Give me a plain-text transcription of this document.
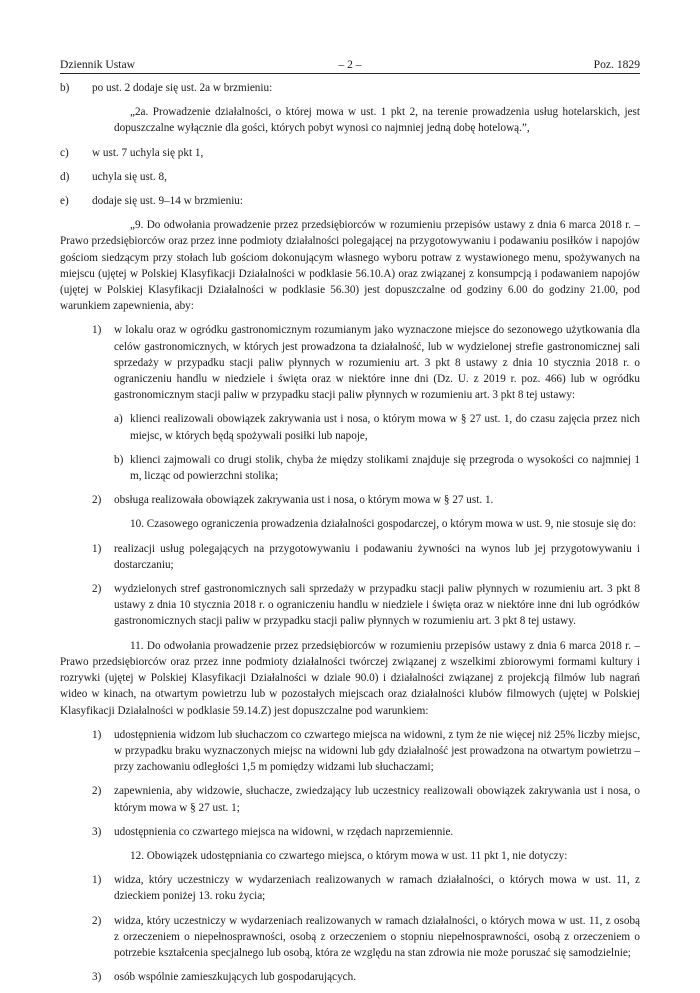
Dziennik Ustaw	– 2 –	Poz. 1829
b) po ust. 2 dodaje się ust. 2a w brzmieniu:
„2a. Prowadzenie działalności, o której mowa w ust. 1 pkt 2, na terenie prowadzenia usług hotelarskich, jest dopuszczalne wyłącznie dla gości, których pobyt wynosi co najmniej jedną dobę hotelową.”,
c) w ust. 7 uchyla się pkt 1,
d) uchyla się ust. 8,
e) dodaje się ust. 9–14 w brzmieniu:
„9. Do odwołania prowadzenie przez przedsiębiorców w rozumieniu przepisów ustawy z dnia 6 marca 2018 r. – Prawo przedsiębiorców oraz przez inne podmioty działalności polegającej na przygotowywaniu i podawaniu posiłków i napojów gościom siedzącym przy stołach lub gościom dokonującym własnego wyboru potraw z wystawionego menu, spożywanych na miejscu (ujętej w Polskiej Klasyfikacji Działalności w podklasie 56.10.A) oraz związanej z konsumpcją i podawaniem napojów (ujętej w Polskiej Klasyfikacji Działalności w podklasie 56.30) jest dopuszczalne od godziny 6.00 do godziny 21.00, pod warunkiem zapewnienia, aby:
1) w lokalu oraz w ogródku gastronomicznym rozumianym jako wyznaczone miejsce do sezonowego użytkowania dla celów gastronomicznych, w których jest prowadzona ta działalność, lub w wydzielonej strefie gastronomicznej sali sprzedaży w przypadku stacji paliw płynnych w rozumieniu art. 3 pkt 8 ustawy z dnia 10 stycznia 2018 r. o ograniczeniu handlu w niedziele i święta oraz w niektóre inne dni (Dz. U. z 2019 r. poz. 466) lub w ogródku gastronomicznym stacji paliw w przypadku stacji paliw płynnych w rozumieniu art. 3 pkt 8 tej ustawy:
a) klienci realizowali obowiązek zakrywania ust i nosa, o którym mowa w § 27 ust. 1, do czasu zajęcia przez nich miejsc, w których będą spożywali posiłki lub napoje,
b) klienci zajmowali co drugi stolik, chyba że między stolikami znajduje się przegroda o wysokości co najmniej 1 m, licząc od powierzchni stolika;
2) obsługa realizowała obowiązek zakrywania ust i nosa, o którym mowa w § 27 ust. 1.
10. Czasowego ograniczenia prowadzenia działalności gospodarczej, o którym mowa w ust. 9, nie stosuje się do:
1) realizacji usług polegających na przygotowywaniu i podawaniu żywności na wynos lub jej przygotowywaniu i dostarczaniu;
2) wydzielonych stref gastronomicznych sali sprzedaży w przypadku stacji paliw płynnych w rozumieniu art. 3 pkt 8 ustawy z dnia 10 stycznia 2018 r. o ograniczeniu handlu w niedziele i święta oraz w niektóre inne dni lub ogródków gastronomicznych stacji paliw w przypadku stacji paliw płynnych w rozumieniu art. 3 pkt 8 tej ustawy.
11. Do odwołania prowadzenie przez przedsiębiorców w rozumieniu przepisów ustawy z dnia 6 marca 2018 r. – Prawo przedsiębiorców oraz przez inne podmioty działalności twórczej związanej z wszelkimi zbiorowymi formami kultury i rozrywki (ujętej w Polskiej Klasyfikacji Działalności w dziale 90.0) i działalności związanej z projekcją filmów lub nagrań wideo w kinach, na otwartym powietrzu lub w pozostałych miejscach oraz działalności klubów filmowych (ujętej w Polskiej Klasyfikacji Działalności w podklasie 59.14.Z) jest dopuszczalne pod warunkiem:
1) udostępnienia widzom lub słuchaczom co czwartego miejsca na widowni, z tym że nie więcej niż 25% liczby miejsc, w przypadku braku wyznaczonych miejsc na widowni lub gdy działalność jest prowadzona na otwartym powietrzu – przy zachowaniu odległości 1,5 m pomiędzy widzami lub słuchaczami;
2) zapewnienia, aby widzowie, słuchacze, zwiedzający lub uczestnicy realizowali obowiązek zakrywania ust i nosa, o którym mowa w § 27 ust. 1;
3) udostępnienia co czwartego miejsca na widowni, w rzędach naprzemiennie.
12. Obowiązek udostępniania co czwartego miejsca, o którym mowa w ust. 11 pkt 1, nie dotyczy:
1) widza, który uczestniczy w wydarzeniach realizowanych w ramach działalności, o których mowa w ust. 11, z dzieckiem poniżej 13. roku życia;
2) widza, który uczestniczy w wydarzeniach realizowanych w ramach działalności, o których mowa w ust. 11, z osobą z orzeczeniem o niepełnosprawności, osobą z orzeczeniem o stopniu niepełnosprawności, osobą z orzeczeniem o potrzebie kształcenia specjalnego lub osobą, która ze względu na stan zdrowia nie może poruszać się samodzielnie;
3) osób wspólnie zamieszkujących lub gospodarujących.
